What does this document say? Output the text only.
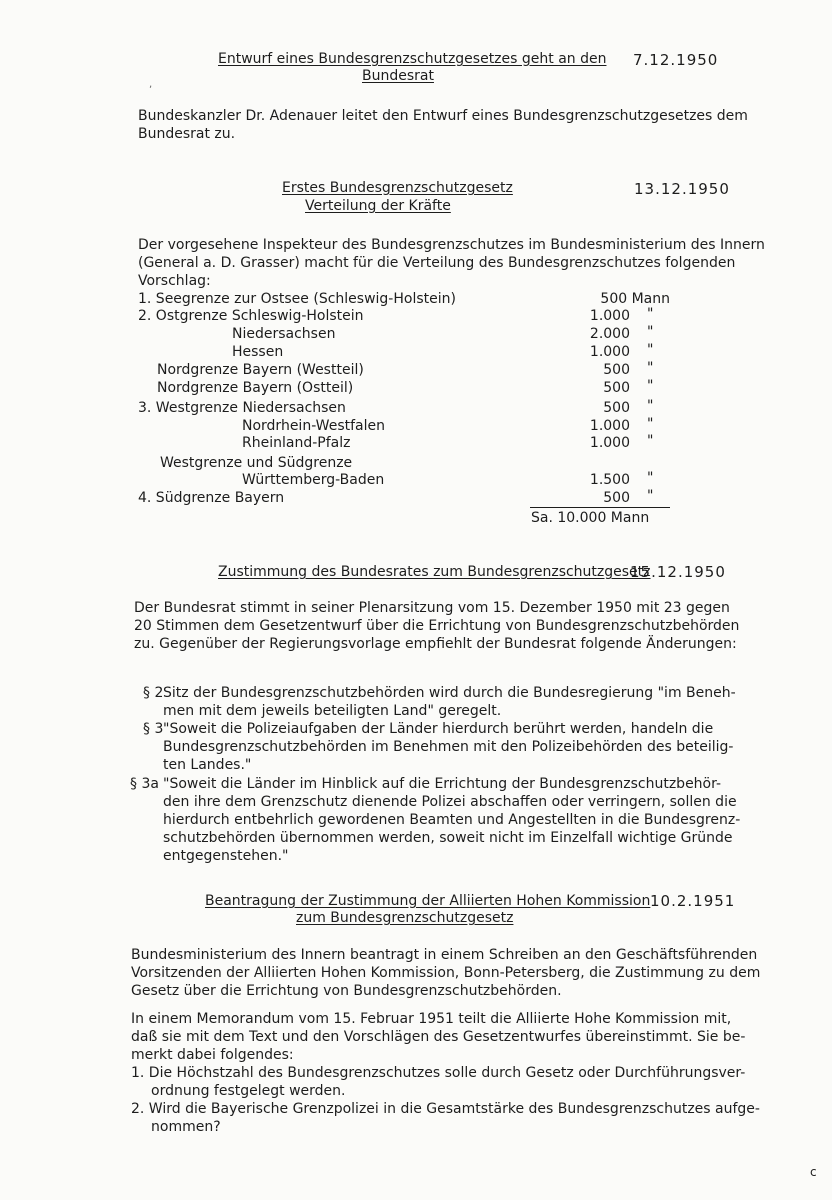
Entwurf eines Bundesgrenzschutzgesetzes geht an den
Bundesrat
7.12.1950
,
Bundeskanzler Dr. Adenauer leitet den Entwurf eines Bundesgrenzschutzgesetzes dem
Bundesrat zu.
Erstes Bundesgrenzschutzgesetz
Verteilung der Kräfte
13.12.1950
Der vorgesehene Inspekteur des Bundesgrenzschutzes im Bundesministerium des Innern
(General a. D. Grasser) macht für die Verteilung des Bundesgrenzschutzes folgenden
Vorschlag:
1. Seegrenze zur Ostsee (Schleswig-Holstein)	500 Mann
2. Ostgrenze Schleswig-Holstein	1.000 "
Niedersachsen	2.000 "
Hessen	1.000 "
Nordgrenze Bayern (Westteil)	500 "
Nordgrenze Bayern (Ostteil)	500 "
3. Westgrenze Niedersachsen	500 "
Nordrhein-Westfalen	1.000 "
Rheinland-Pfalz	1.000 "
Westgrenze und Südgrenze
Württemberg-Baden	1.500 "
4. Südgrenze Bayern	500 "
Sa. 10.000 Mann
Zustimmung des Bundesrates zum Bundesgrenzschutzgesetz
15.12.1950
Der Bundesrat stimmt in seiner Plenarsitzung vom 15. Dezember 1950 mit 23 gegen
20 Stimmen dem Gesetzentwurf über die Errichtung von Bundesgrenzschutzbehörden
zu. Gegenüber der Regierungsvorlage empfiehlt der Bundesrat folgende Änderungen:
§ 2 Sitz der Bundesgrenzschutzbehörden wird durch die Bundesregierung "im Beneh-
men mit dem jeweils beteiligten Land" geregelt.
§ 3 "Soweit die Polizeiaufgaben der Länder hierdurch berührt werden, handeln die
Bundesgrenzschutzbehörden im Benehmen mit den Polizeibehörden des beteilig-
ten Landes."
§ 3a "Soweit die Länder im Hinblick auf die Errichtung der Bundesgrenzschutzbehör-
den ihre dem Grenzschutz dienende Polizei abschaffen oder verringern, sollen die
hierdurch entbehrlich gewordenen Beamten und Angestellten in die Bundesgrenz-
schutzbehörden übernommen werden, soweit nicht im Einzelfall wichtige Gründe
entgegenstehen."
Beantragung der Zustimmung der Alliierten Hohen Kommission
zum Bundesgrenzschutzgesetz
10.2.1951
Bundesministerium des Innern beantragt in einem Schreiben an den Geschäftsführenden
Vorsitzenden der Alliierten Hohen Kommission, Bonn-Petersberg, die Zustimmung zu dem
Gesetz über die Errichtung von Bundesgrenzschutzbehörden.
In einem Memorandum vom 15. Februar 1951 teilt die Alliierte Hohe Kommission mit,
daß sie mit dem Text und den Vorschlägen des Gesetzentwurfes übereinstimmt. Sie be-
merkt dabei folgendes:
1. Die Höchstzahl des Bundesgrenzschutzes solle durch Gesetz oder Durchführungsver-
ordnung festgelegt werden.
2. Wird die Bayerische Grenzpolizei in die Gesamtstärke des Bundesgrenzschutzes aufge-
nommen?
c
